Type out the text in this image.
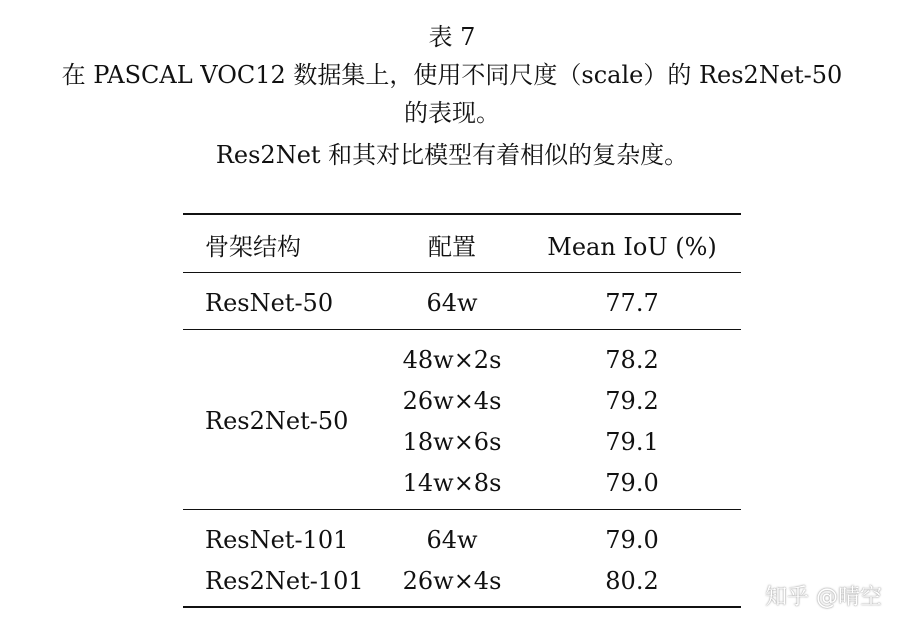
表 7
在 PASCAL VOC12 数据集上，使用不同尺度（scale）的 Res2Net-50
的表现。
Res2Net 和其对比模型有着相似的复杂度。
骨架结构	配置	Mean IoU (%)
ResNet-50	64w	77.7
Res2Net-50
48w×2s	78.2
26w×4s	79.2
18w×6s	79.1
14w×8s	79.0
ResNet-101	64w	79.0
Res2Net-101	26w×4s	80.2
知乎 @晴空
